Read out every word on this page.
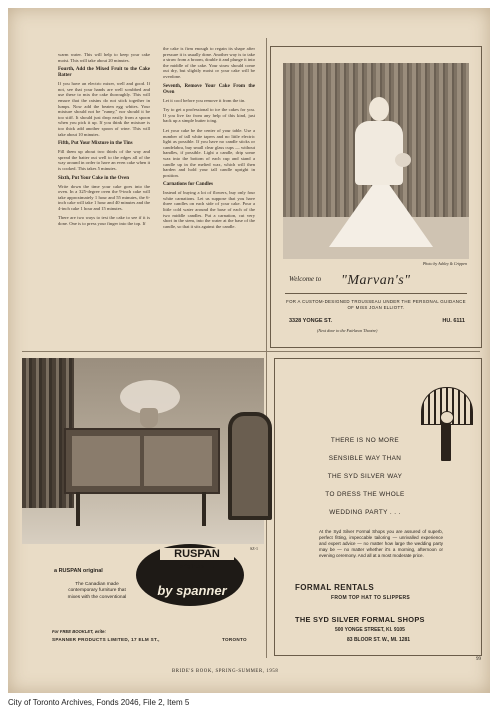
warm water. This will help to keep your cake moist. This will take about 20 minutes.

Fourth, Add the Mixed Fruit to the Cake Batter

If you have an electric mixer, well and good. If not, see that your hands are well scrubbed and use these to mix the cake thoroughly. This will ensure that the raisins do not stick together in lumps. Now add the beaten egg whites. Your mixture should not be "runny," nor should it be too stiff. It should just drop easily from a spoon when you pick it up. If you think the mixture is too thick add another spoon of wine. This will take about 10 minutes.

Fifth, Put Your Mixture in the Tins

Fill them up about two thirds of the way and spread the batter out well to the edges all of the way around in order to have an even cake when it is cooked. This takes 5 minutes.

Sixth, Put Your Cake in the Oven

Write down the time your cake goes into the oven. In a 325-degree oven the 9-inch cake will take approximately 1 hour and 55 minutes, the 6-inch cake will take 1 hour and 40 minutes and the 4-inch cake 1 hour and 15 minutes.

There are two ways to test the cake to see if it is done. One is to press your finger into the top. If

the cake is firm enough to regain its shape after pressure it is usually done. Another way is to take a straw from a broom, double it and plunge it into the middle of the cake. Your straw should come out dry, but slightly moist or your cake will be overdone.

Seventh, Remove Your Cake From the Oven

Let it cool before you remove it from the tin.

Try to get a professional to ice the cakes for you. If you live far from any help of this kind, just back up a simple butter icing.

Let your cake be the center of your table. Use a number of tall white tapers and no little electric light as possible. If you have no candle sticks or candelabra, buy small clear glass cups — without handles, if possible. Light a candle, drip some wax into the bottom of each cup and stand a candle up in the melted wax, which will then harden and hold your tall candle upright in position.

Carnations for Candles

Instead of buying a lot of flowers, buy only four white carnations. Let us suppose that you have three candles on each side of your cake. Pour a little cold water around the base of each of the two middle candles. Put a carnation, cut very short in the stem, into the water at the base of the candle, so that it sits against the candle.

Photo by Ashley & Crippen
Welcome to "Marvan's"
FOR A CUSTOM-DESIGNED TROUSSEAU UNDER THE PERSONAL GUIDANCE OF MISS JOAN ELLIOTT.
3328 YONGE ST.	HU. 6111
(Next door to the Fairlawn Theatre)
SZ-1
RUSPAN
originals . . .
by spanner
a RUSPAN original
The Canadian made contemporary furniture that mixes with the conventional
For FREE BOOKLET, write:
SPANNER PRODUCTS LIMITED, 17 ELM ST.,	TORONTO
THERE IS NO MORE
SENSIBLE WAY THAN
THE SYD SILVER WAY
TO DRESS THE WHOLE
WEDDING PARTY . . .
At the Syd Silver Formal Shops you are assured of superb, perfect fitting, impeccable tailoring — unrivalled experience and expert advice — no matter how large the wedding party may be — no matter whether it's a morning, afternoon or evening ceremony. And all at a most moderate price.
FORMAL RENTALS
FROM TOP HAT TO SLIPPERS
THE SYD SILVER FORMAL SHOPS
500 YONGE STREET, KI. 9105
83 BLOOR ST. W., MI. 1281
BRIDE'S BOOK, SPRING-SUMMER, 1958
99
City of Toronto Archives, Fonds 2046, File 2, Item 5
